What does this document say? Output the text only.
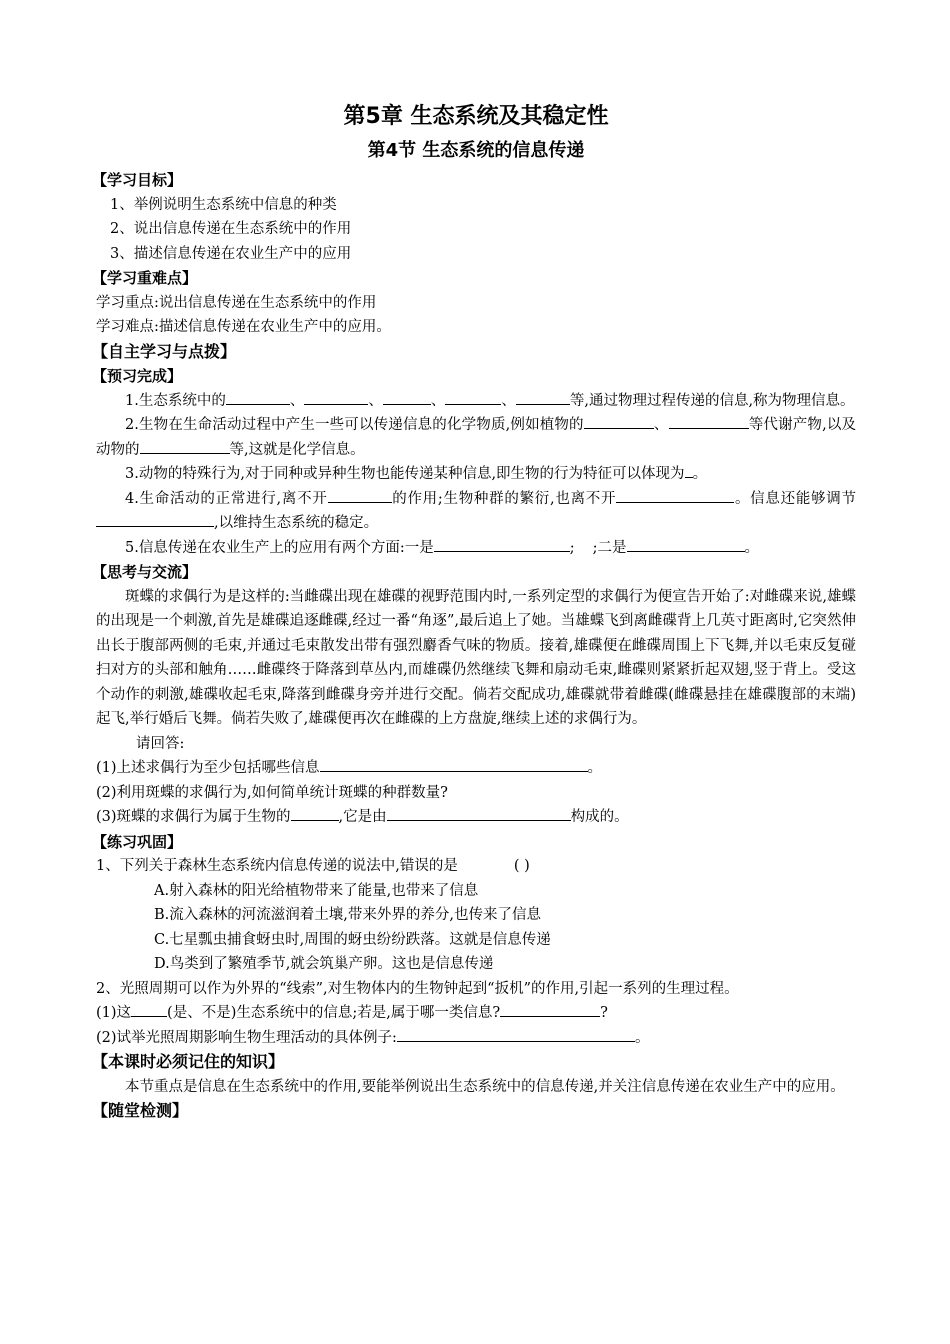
第5章 生态系统及其稳定性
第4节 生态系统的信息传递
【学习目标】

1、举例说明生态系统中信息的种类

2、说出信息传递在生态系统中的作用

3、描述信息传递在农业生产中的应用

【学习重难点】

学习重点:说出信息传递在生态系统中的作用

学习难点:描述信息传递在农业生产中的应用。

【自主学习与点拨】
【预习完成】

1.生态系统中的	、	、	、	、	等,通过物理过程传递的信息,称为物理信息。

2.生物在生命活动过程中产生一些可以传递信息的化学物质,例如植物的	、	等代谢产物,以及动物的	等,这就是化学信息。

3.动物的特殊行为,对于同种或异种生物也能传递某种信息,即生物的行为特征可以体现为 。

4.生命活动的正常进行,离不开	的作用;生物种群的繁衍,也离不开	。信息还能够调节,以维持生态系统的稳定。

5.信息传递在农业生产上的应用有两个方面:一是	; ;二是	。

【思考与交流】

斑蝶的求偶行为是这样的:当雌碟出现在雄碟的视野范围内时,一系列定型的求偶行为便宣告开始了:对雌碟来说,雄蝶的出现是一个刺激,首先是雄碟追逐雌碟,经过一番“角逐”,最后追上了她。当雄蝶飞到离雌碟背上几英寸距离时,它突然伸出长于腹部两侧的毛束,并通过毛束散发出带有强烈麝香气味的物质。接着,雄碟便在雌碟周围上下飞舞,并以毛束反复碰扫对方的头部和触角……雌碟终于降落到草丛内,而雄碟仍然继续飞舞和扇动毛束,雌碟则紧紧折起双翅,竖于背上。受这个动作的刺激,雄碟收起毛束,降落到雌碟身旁并进行交配。倘若交配成功,雄碟就带着雌碟(雌碟悬挂在雄碟腹部的末端)起飞,举行婚后飞舞。倘若失败了,雄碟便再次在雌碟的上方盘旋,继续上述的求偶行为。

请回答:

(1)上述求偶行为至少包括哪些信息	。

(2)利用斑蝶的求偶行为,如何简单统计斑蝶的种群数量?

(3)斑蝶的求偶行为属于生物的	,它是由	构成的。

【练习巩固】

1、下列关于森林生态系统内信息传递的说法中,错误的是	( )

A.射入森林的阳光给植物带来了能量,也带来了信息

B.流入森林的河流滋润着土壤,带来外界的养分,也传来了信息

C.七星瓢虫捕食蚜虫时,周围的蚜虫纷纷跌落。这就是信息传递

D.鸟类到了繁殖季节,就会筑巢产卵。这也是信息传递

2、光照周期可以作为外界的“线索”,对生物体内的生物钟起到“扳机”的作用,引起一系列的生理过程。

(1)这 (是、不是)生态系统中的信息;若是,属于哪一类信息?	?

(2)试举光照周期影响生物生理活动的具体例子:	。

【本课时必须记住的知识】

本节重点是信息在生态系统中的作用,要能举例说出生态系统中的信息传递,并关注信息传递在农业生产中的应用。

【随堂检测】
